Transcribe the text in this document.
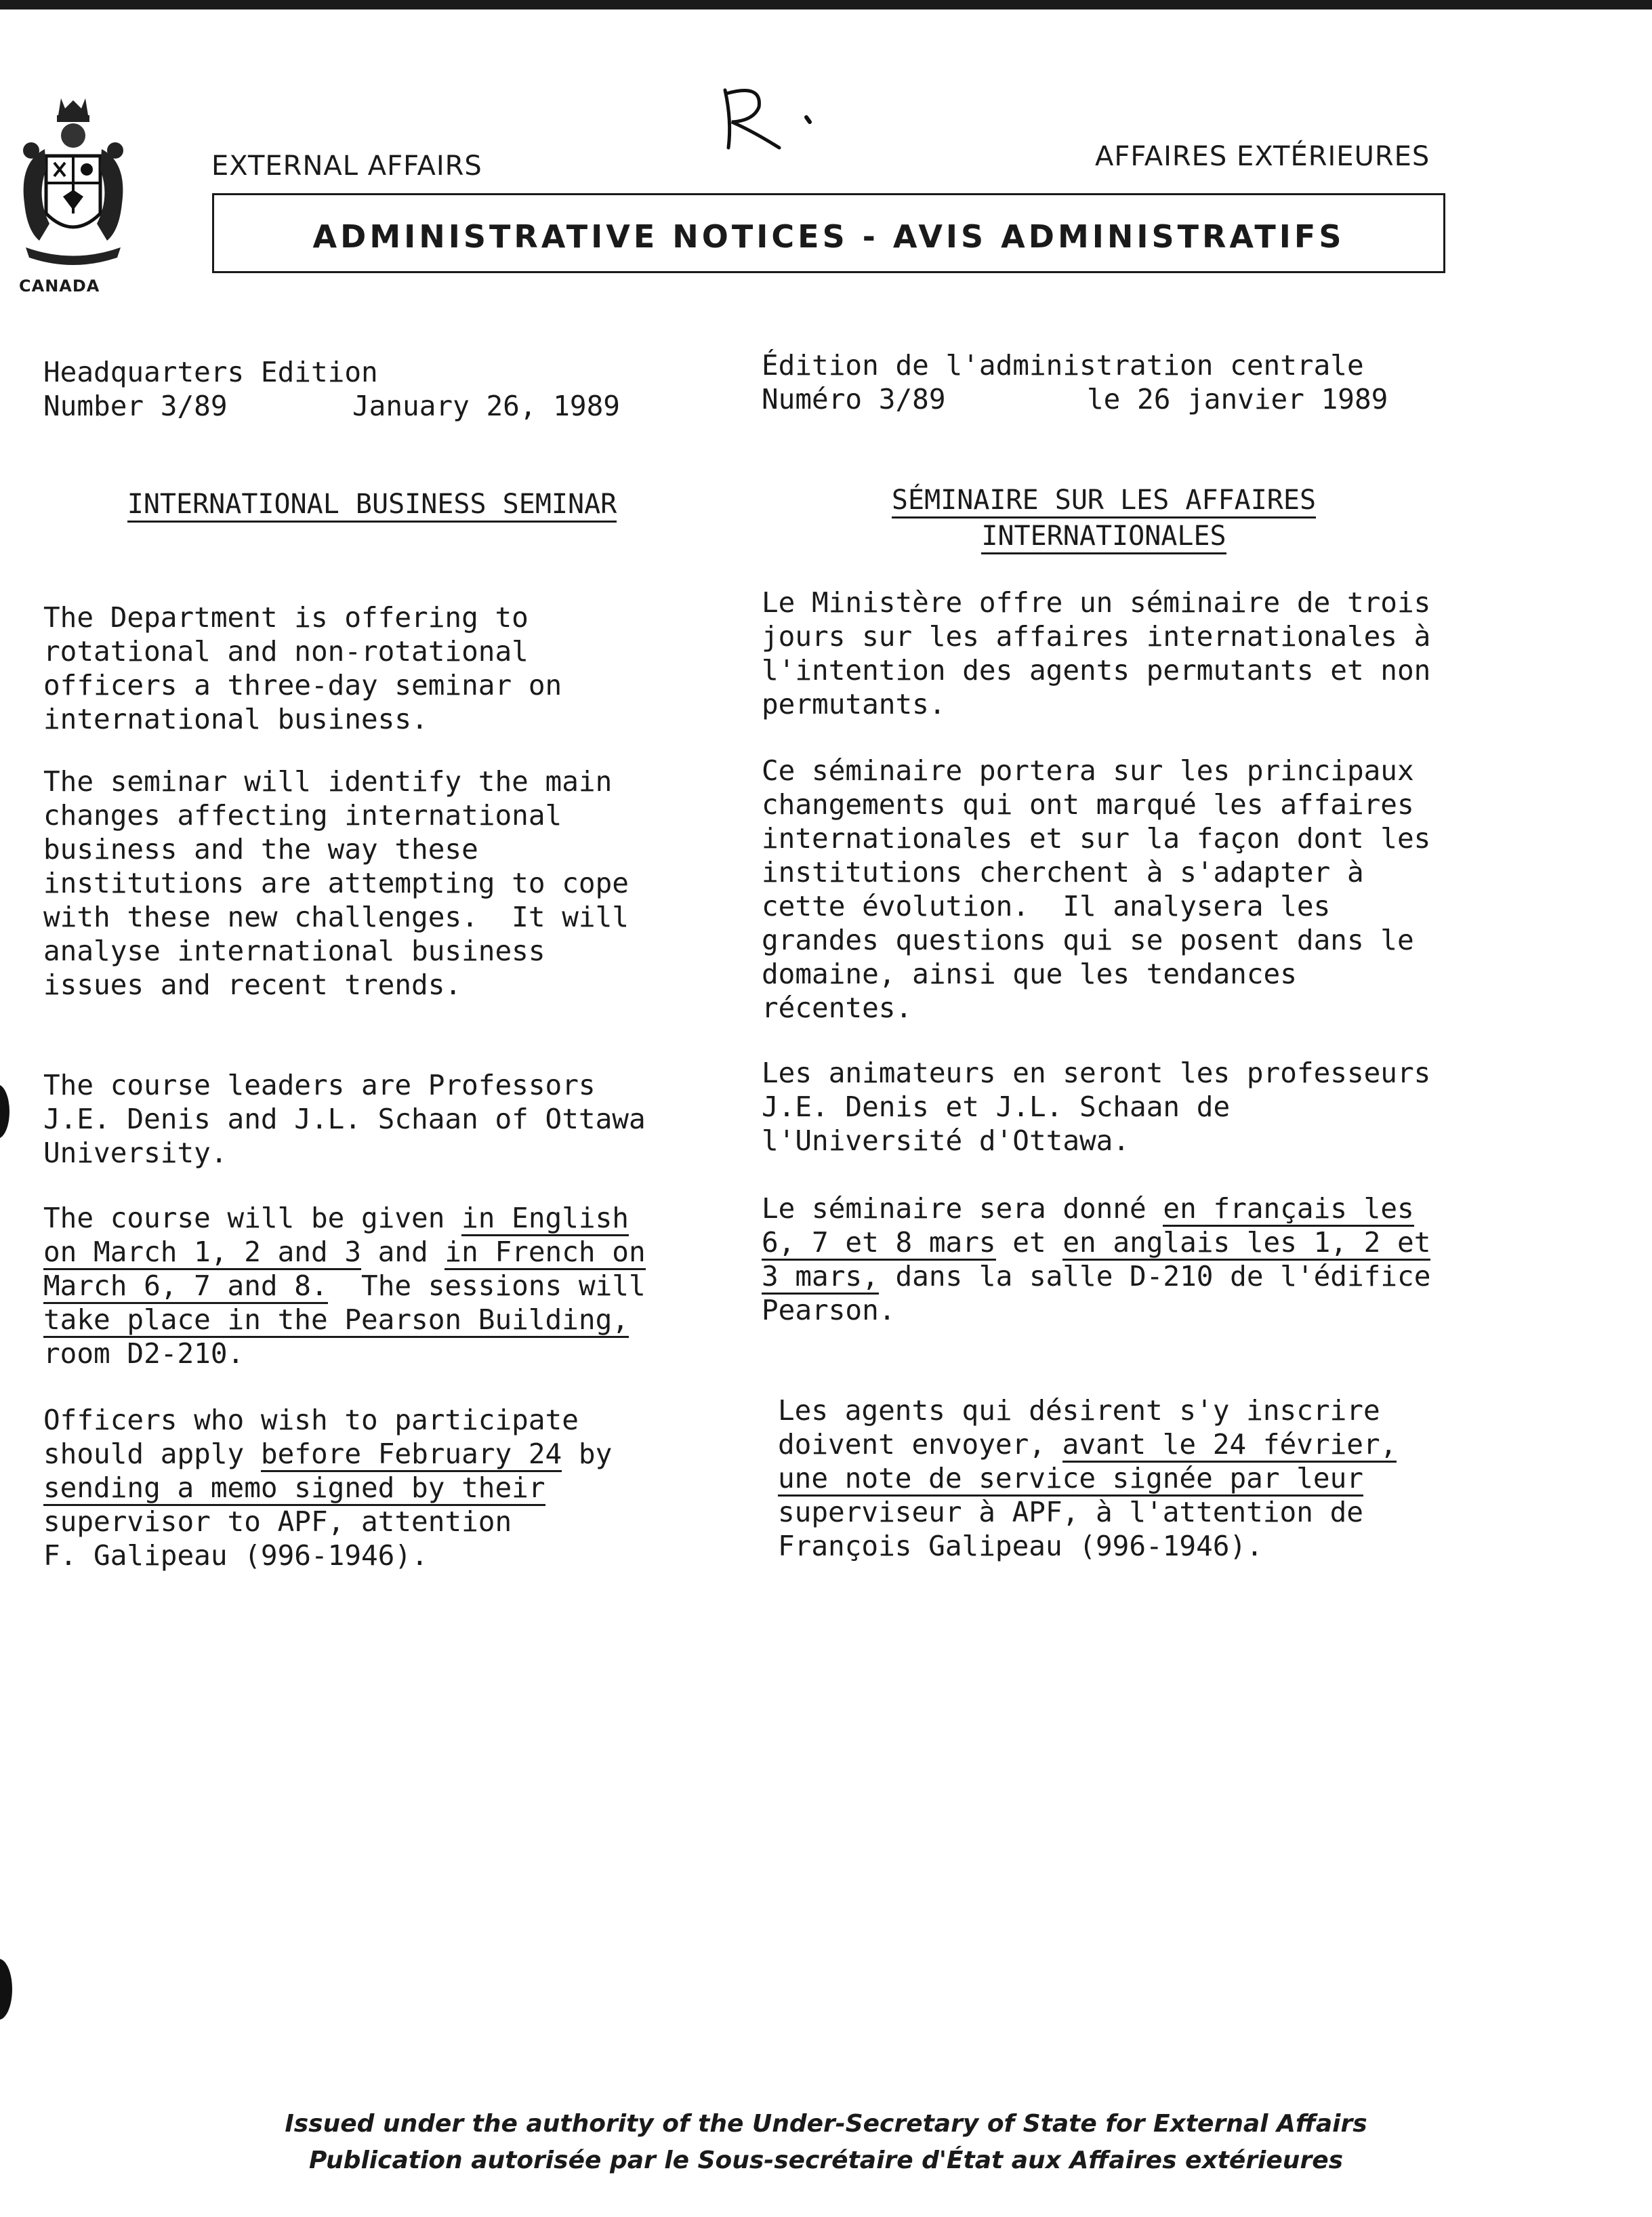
CANADA
EXTERNAL AFFAIRS	AFFAIRES EXTÉRIEURES
ADMINISTRATIVE NOTICES - AVIS ADMINISTRATIFS
Headquarters Edition
Number 3/89	January 26, 1989
Édition de l'administration centrale
Numéro 3/89	le 26 janvier 1989
INTERNATIONAL BUSINESS SEMINAR
The Department is offering to
rotational and non-rotational
officers a three-day seminar on
international business.
The seminar will identify the main
changes affecting international
business and the way these
institutions are attempting to cope
with these new challenges.  It will
analyse international business
issues and recent trends.
The course leaders are Professors
J.E. Denis and J.L. Schaan of Ottawa
University.
The course will be given in English
on March 1, 2 and 3 and in French on
March 6, 7 and 8.  The sessions will
take place in the Pearson Building,
room D2-210.
Officers who wish to participate
should apply before February 24 by
sending a memo signed by their
supervisor to APF, attention
F. Galipeau (996-1946).
SÉMINAIRE SUR LES AFFAIRES
INTERNATIONALES
Le Ministère offre un séminaire de trois
jours sur les affaires internationales à
l'intention des agents permutants et non
permutants.
Ce séminaire portera sur les principaux
changements qui ont marqué les affaires
internationales et sur la façon dont les
institutions cherchent à s'adapter à
cette évolution.  Il analysera les
grandes questions qui se posent dans le
domaine, ainsi que les tendances
récentes.
Les animateurs en seront les professeurs
J.E. Denis et J.L. Schaan de
l'Université d'Ottawa.
Le séminaire sera donné en français les
6, 7 et 8 mars et en anglais les 1, 2 et
3 mars, dans la salle D-210 de l'édifice
Pearson.
Les agents qui désirent s'y inscrire
doivent envoyer, avant le 24 février,
une note de service signée par leur
superviseur à APF, à l'attention de
François Galipeau (996-1946).
Issued under the authority of the Under-Secretary of State for External Affairs
Publication autorisée par le Sous-secrétaire d'État aux Affaires extérieures
